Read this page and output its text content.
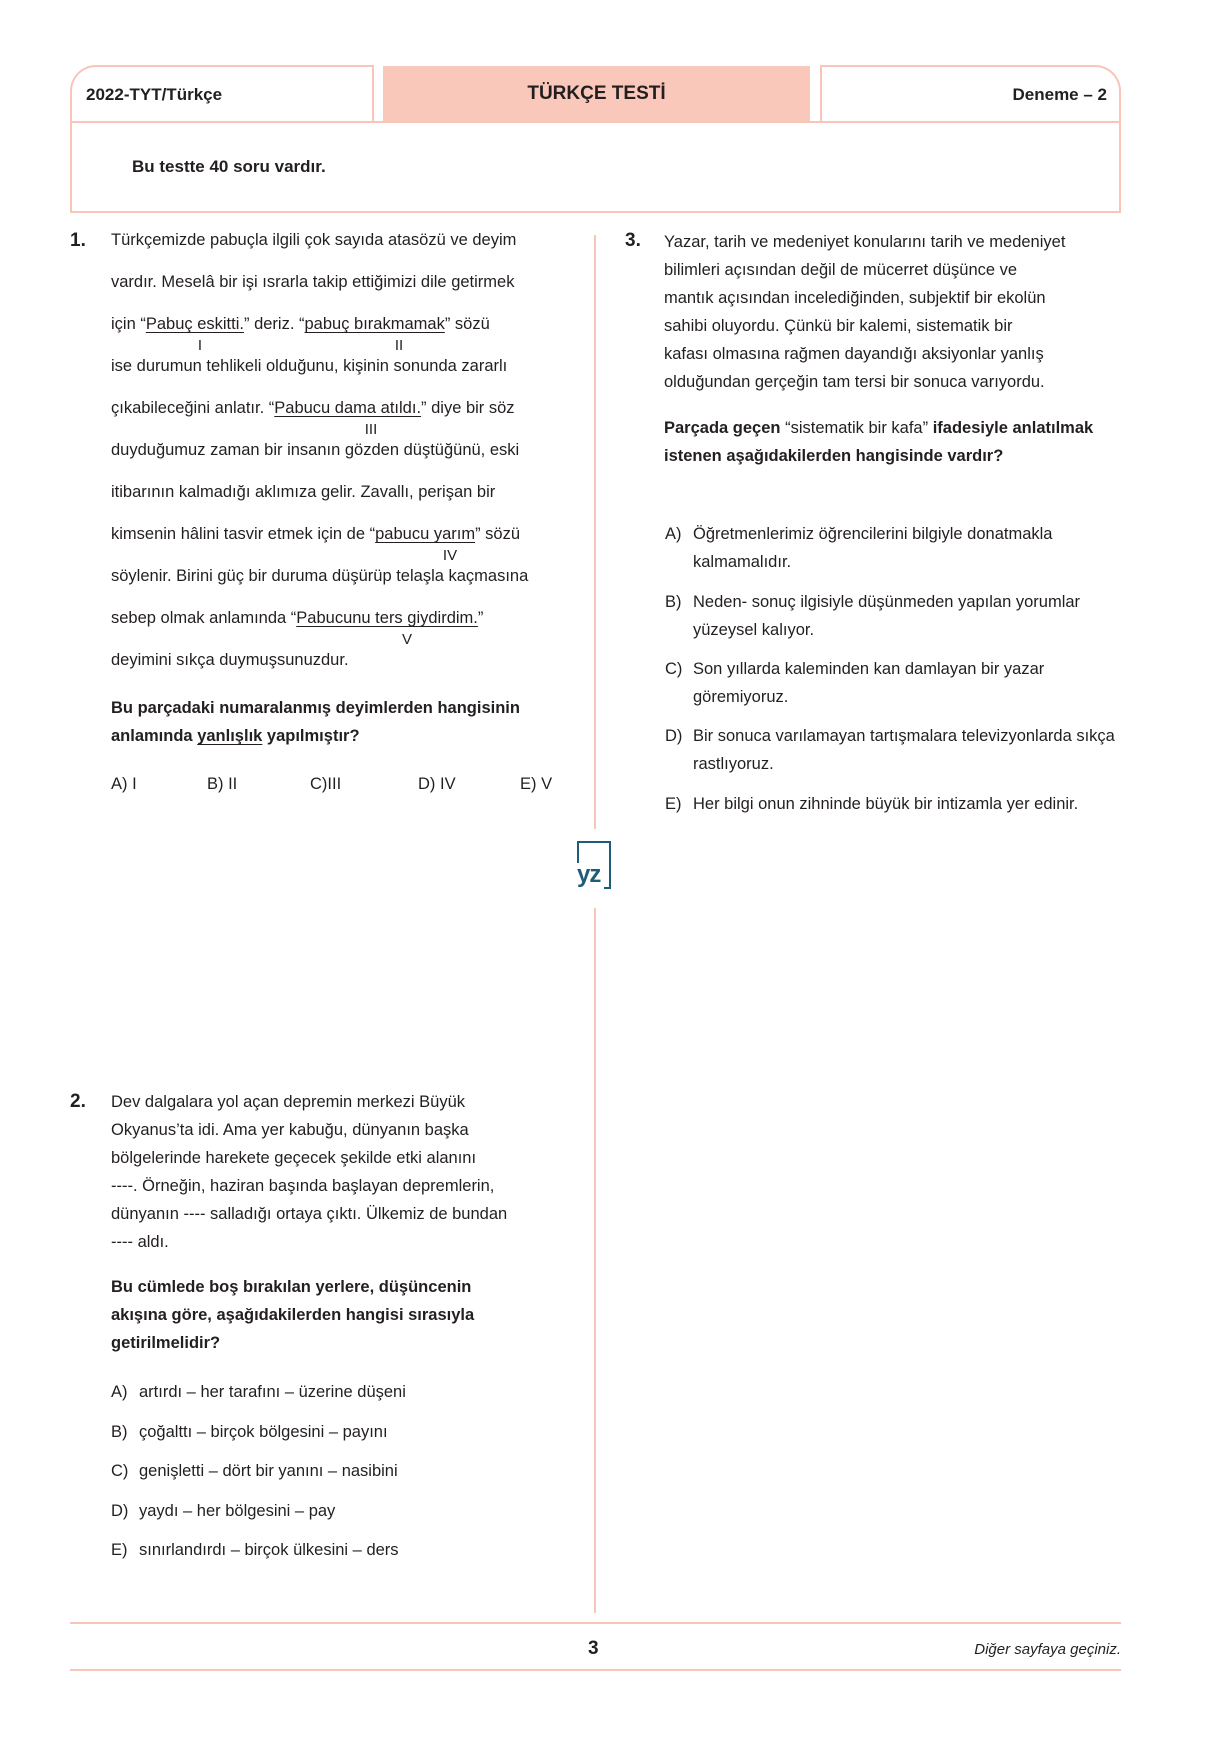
2022-TYT/Türkçe	TÜRKÇE TESTİ	Deneme – 2
Bu testte 40 soru vardır.
yz
1. Türkçemizde pabuçla ilgili çok sayıda atasözü ve deyim
vardır. Meselâ bir işi ısrarla takip ettiğimizi dile getirmek
için “Pabuç eskitti.” deriz. “pabuç bırakmamak” sözü
I	II
ise durumun tehlikeli olduğunu, kişinin sonunda zararlı
çıkabileceğini anlatır. “Pabucu dama atıldı.” diye bir söz
III
duyduğumuz zaman bir insanın gözden düştüğünü, eski
itibarının kalmadığı aklımıza gelir. Zavallı, perişan bir
kimsenin hâlini tasvir etmek için de “pabucu yarım” sözü
IV
söylenir. Birini güç bir duruma düşürüp telaşla kaçmasına
sebep olmak anlamında “Pabucunu ters giydirdim.”
V
deyimini sıkça duymuşsunuzdur.
Bu parçadaki numaralanmış deyimlerden hangisinin anlamında yanlışlık yapılmıştır?
A) I	B) II	C)III	D) IV	E) V
2. Dev dalgalara yol açan depremin merkezi Büyük
Okyanus’ta idi. Ama yer kabuğu, dünyanın başka
bölgelerinde harekete geçecek şekilde etki alanını
----. Örneğin, haziran başında başlayan depremlerin,
dünyanın ---- salladığı ortaya çıktı. Ülkemiz de bundan
---- aldı.
Bu cümlede boş bırakılan yerlere, düşüncenin
akışına göre, aşağıdakilerden hangisi sırasıyla
getirilmelidir?
A) artırdı – her tarafını – üzerine düşeni
B) çoğalttı – birçok bölgesini – payını
C) genişletti – dört bir yanını – nasibini
D) yaydı – her bölgesini – pay
E) sınırlandırdı – birçok ülkesini – ders
3. Yazar, tarih ve medeniyet konularını tarih ve medeniyet
bilimleri açısından değil de mücerret düşünce ve
mantık açısından incelediğinden, subjektif bir ekolün
sahibi oluyordu. Çünkü bir kalemi, sistematik bir
kafası olmasına rağmen dayandığı aksiyonlar yanlış
olduğundan gerçeğin tam tersi bir sonuca varıyordu.
Parçada geçen “sistematik bir kafa” ifadesiyle anlatılmak istenen aşağıdakilerden hangisinde vardır?
A) Öğretmenlerimiz öğrencilerini bilgiyle donatmakla kalmamalıdır.
B) Neden- sonuç ilgisiyle düşünmeden yapılan yorumlar yüzeysel kalıyor.
C) Son yıllarda kaleminden kan damlayan bir yazar göremiyoruz.
D) Bir sonuca varılamayan tartışmalara televizyonlarda sıkça rastlıyoruz.
E) Her bilgi onun zihninde büyük bir intizamla yer edinir.
3	Diğer sayfaya geçiniz.
